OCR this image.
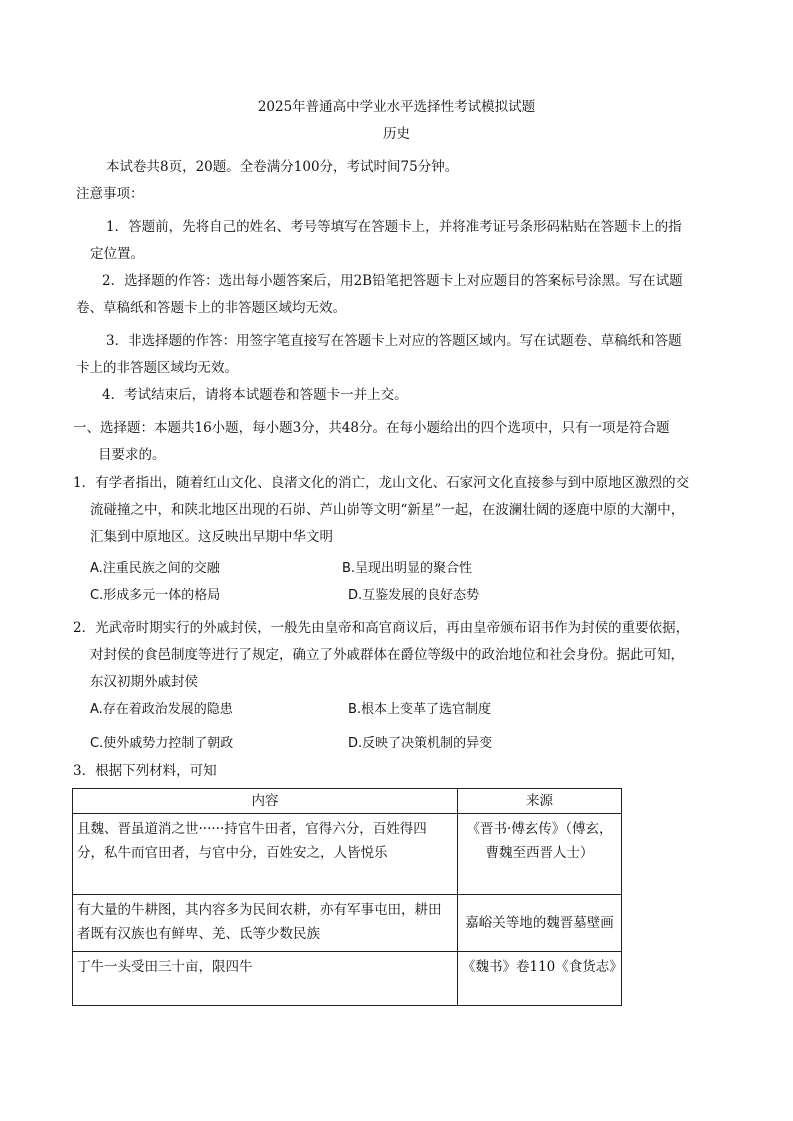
2025年普通高中学业水平选择性考试模拟试题
历史
本试卷共8页，20题。全卷满分100分，考试时间75分钟。
注意事项：
1．答题前，先将自己的姓名、考号等填写在答题卡上，并将准考证号条形码粘贴在答题卡上的指
定位置。
2．选择题的作答：选出每小题答案后，用2B铅笔把答题卡上对应题目的答案标号涂黑。写在试题
卷、草稿纸和答题卡上的非答题区域均无效。
3．非选择题的作答：用签字笔直接写在答题卡上对应的答题区域内。写在试题卷、草稿纸和答题
卡上的非答题区域均无效。
4．考试结束后，请将本试题卷和答题卡一并上交。
一、选择题：本题共16小题，每小题3分，共48分。在每小题给出的四个选项中，只有一项是符合题
目要求的。
1．有学者指出，随着红山文化、良渚文化的消亡，龙山文化、石家河文化直接参与到中原地区激烈的交
流碰撞之中，和陕北地区出现的石峁、芦山峁等文明“新星”一起，在波澜壮阔的逐鹿中原的大潮中，
汇集到中原地区。这反映出早期中华文明
A.注重民族之间的交融	B.呈现出明显的聚合性
C.形成多元一体的格局	D.互鉴发展的良好态势
2．光武帝时期实行的外戚封侯，一般先由皇帝和高官商议后，再由皇帝颁布诏书作为封侯的重要依据，
对封侯的食邑制度等进行了规定，确立了外戚群体在爵位等级中的政治地位和社会身份。据此可知，
东汉初期外戚封侯
A.存在着政治发展的隐患	B.根本上变革了选官制度
C.使外戚势力控制了朝政	D.反映了决策机制的异变
3．根据下列材料，可知
内容	来源
且魏、晋虽道消之世······持官牛田者，官得六分，百姓得四分，私牛而官田者，与官中分，百姓安之，人皆悦乐	《晋书·傅玄传》（傅玄，曹魏至西晋人士）
有大量的牛耕图，其内容多为民间农耕，亦有军事屯田，耕田者既有汉族也有鲜卑、羌、氐等少数民族	嘉峪关等地的魏晋墓壁画
丁牛一头受田三十亩，限四牛	《魏书》卷110《食货志》
